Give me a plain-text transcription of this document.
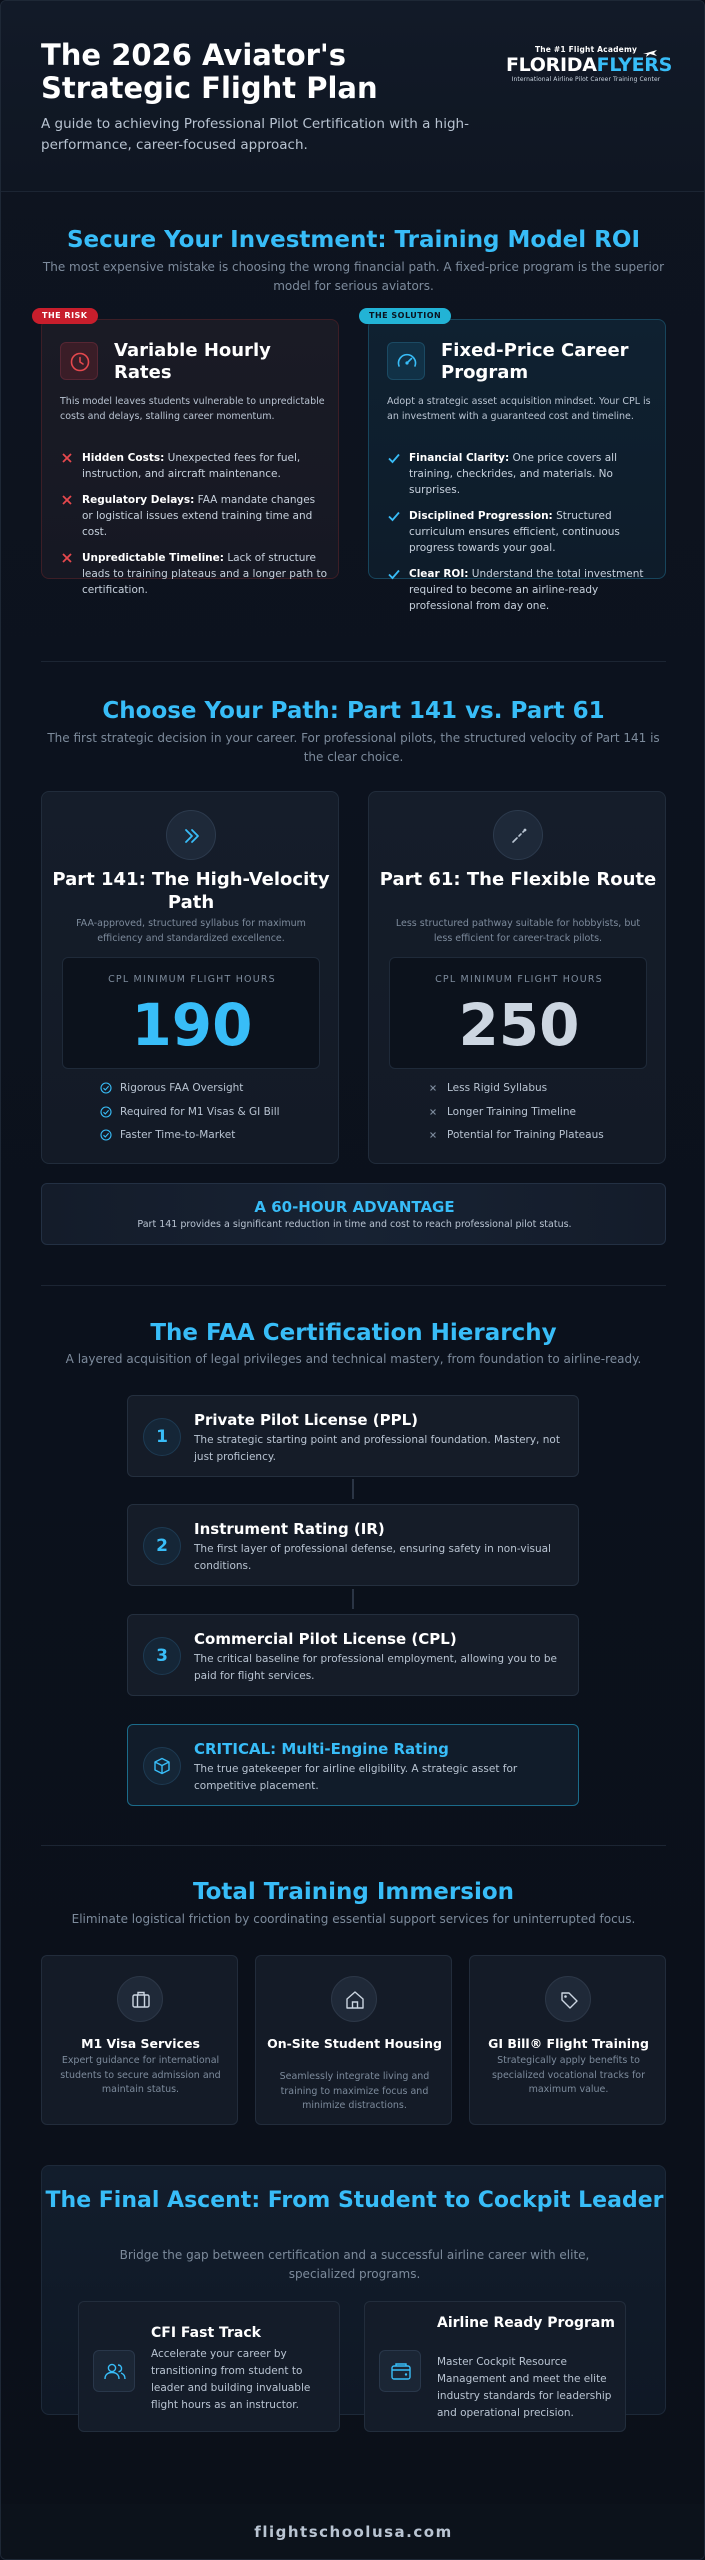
The 2026 Aviator's Strategic Flight Plan
A guide to achieving Professional Pilot Certification with a high-performance, career-focused approach.
The #1 Flight Academy
FLORIDAFLYERS
International Airline Pilot Career Training Center
Secure Your Investment: Training Model ROI
The most expensive mistake is choosing the wrong financial path. A fixed-price program is the superior model for serious aviators.
THE RISK
Variable Hourly Rates
This model leaves students vulnerable to unpredictable costs and delays, stalling career momentum.
Hidden Costs: Unexpected fees for fuel, instruction, and aircraft maintenance.
Regulatory Delays: FAA mandate changes or logistical issues extend training time and cost.
Unpredictable Timeline: Lack of structure leads to training plateaus and a longer path to certification.
THE SOLUTION
Fixed-Price Career Program
Adopt a strategic asset acquisition mindset. Your CPL is an investment with a guaranteed cost and timeline.
Financial Clarity: One price covers all training, checkrides, and materials. No surprises.
Disciplined Progression: Structured curriculum ensures efficient, continuous progress towards your goal.
Clear ROI: Understand the total investment required to become an airline-ready professional from day one.
Choose Your Path: Part 141 vs. Part 61
The first strategic decision in your career. For professional pilots, the structured velocity of Part 141 is the clear choice.
Part 141: The High-Velocity Path
FAA-approved, structured syllabus for maximum efficiency and standardized excellence.
CPL MINIMUM FLIGHT HOURS
190
Rigorous FAA Oversight
Required for M1 Visas & GI Bill
Faster Time-to-Market
Part 61: The Flexible Route
Less structured pathway suitable for hobbyists, but less efficient for career-track pilots.
CPL MINIMUM FLIGHT HOURS
250
Less Rigid Syllabus
Longer Training Timeline
Potential for Training Plateaus
A 60-HOUR ADVANTAGE
Part 141 provides a significant reduction in time and cost to reach professional pilot status.
The FAA Certification Hierarchy
A layered acquisition of legal privileges and technical mastery, from foundation to airline-ready.
1
Private Pilot License (PPL)
The strategic starting point and professional foundation. Mastery, not just proficiency.
2
Instrument Rating (IR)
The first layer of professional defense, ensuring safety in non-visual conditions.
3
Commercial Pilot License (CPL)
The critical baseline for professional employment, allowing you to be paid for flight services.
CRITICAL: Multi-Engine Rating
The true gatekeeper for airline eligibility. A strategic asset for competitive placement.
Total Training Immersion
Eliminate logistical friction by coordinating essential support services for uninterrupted focus.
M1 Visa Services
Expert guidance for international students to secure admission and maintain status.
On-Site Student Housing
Seamlessly integrate living and training to maximize focus and minimize distractions.
GI Bill® Flight Training
Strategically apply benefits to specialized vocational tracks for maximum value.
The Final Ascent: From Student to Cockpit Leader
Bridge the gap between certification and a successful airline career with elite, specialized programs.
CFI Fast Track
Accelerate your career by transitioning from student to leader and building invaluable flight hours as an instructor.
Airline Ready Program
Master Cockpit Resource Management and meet the elite industry standards for leadership and operational precision.
flightschoolusa.com
